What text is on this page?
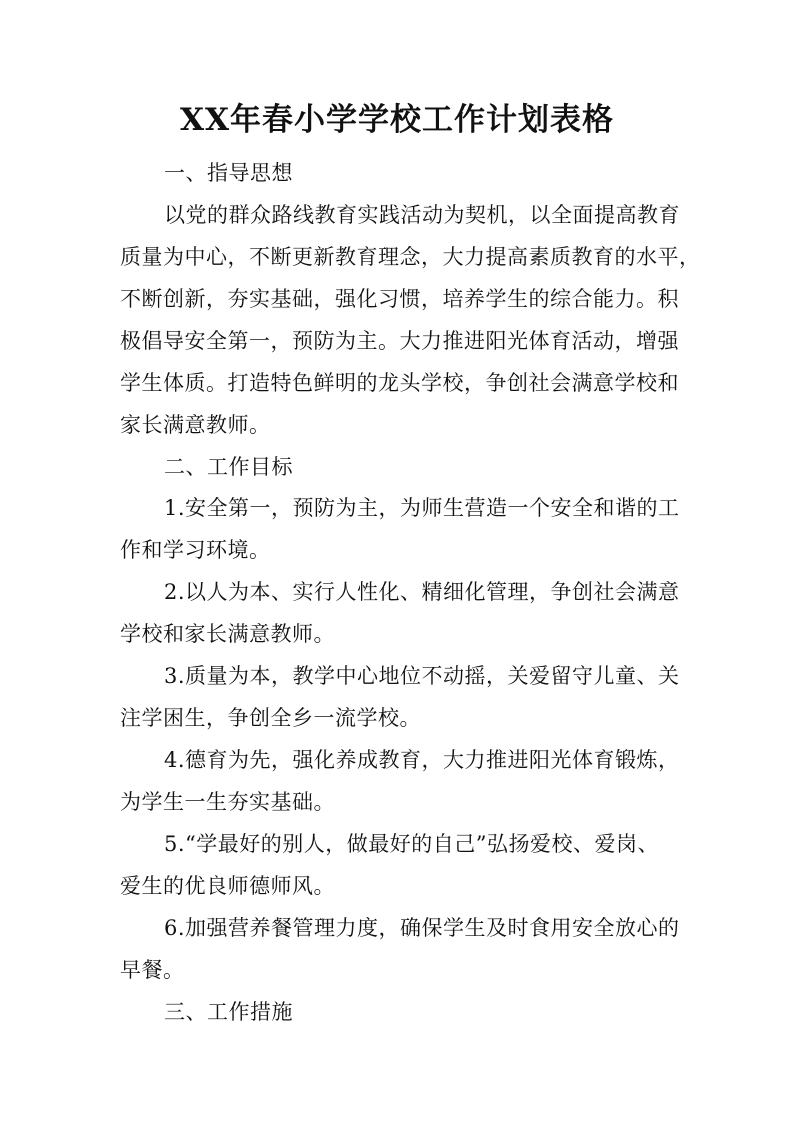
XX年春小学学校工作计划表格
一、指导思想
以党的群众路线教育实践活动为契机，以全面提高教育
质量为中心，不断更新教育理念，大力提高素质教育的水平，
不断创新，夯实基础，强化习惯，培养学生的综合能力。积
极倡导安全第一，预防为主。大力推进阳光体育活动，增强
学生体质。打造特色鲜明的龙头学校，争创社会满意学校和
家长满意教师。
二、工作目标
1.安全第一，预防为主，为师生营造一个安全和谐的工
作和学习环境。
2.以人为本、实行人性化、精细化管理，争创社会满意
学校和家长满意教师。
3.质量为本，教学中心地位不动摇，关爱留守儿童、关
注学困生，争创全乡一流学校。
4.德育为先，强化养成教育，大力推进阳光体育锻炼，
为学生一生夯实基础。
5.“学最好的别人，做最好的自己”弘扬爱校、爱岗、
爱生的优良师德师风。
6.加强营养餐管理力度，确保学生及时食用安全放心的
早餐。
三、工作措施
